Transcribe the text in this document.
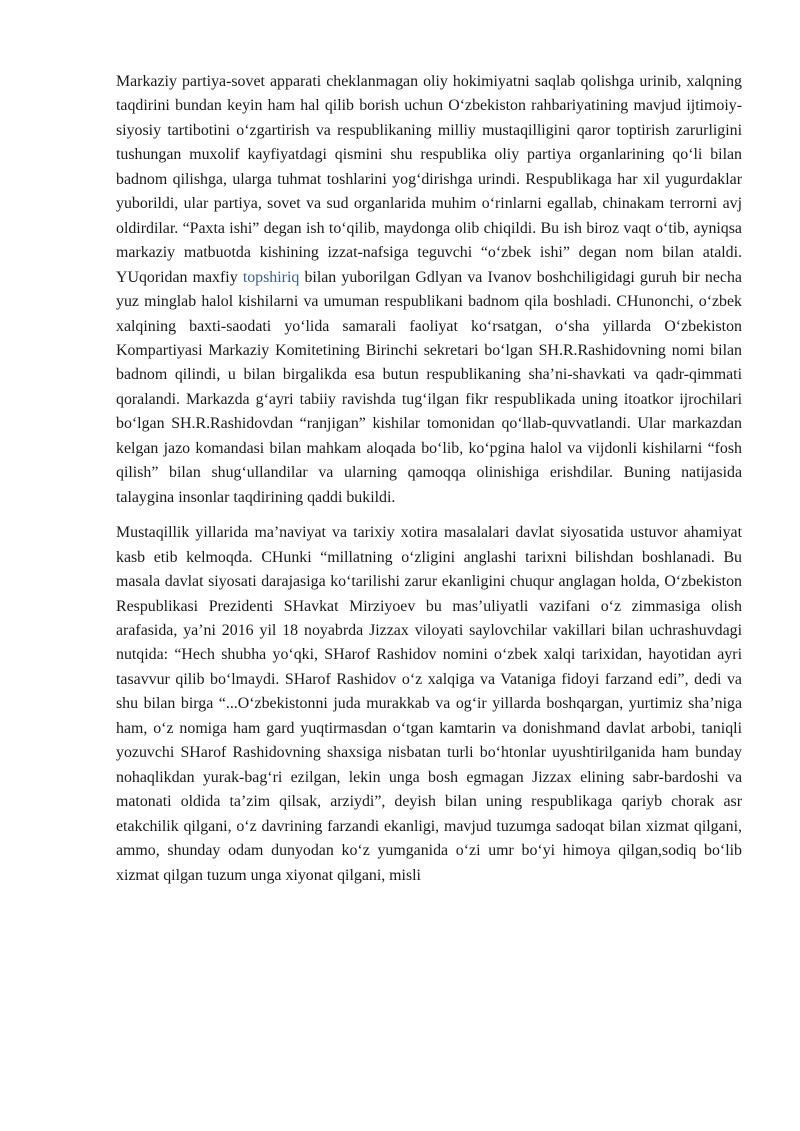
Markaziy partiya-sovet apparati cheklanmagan oliy hokimiyatni saqlab qolishga urinib, xalqning taqdirini bundan keyin ham hal qilib borish uchun O‘zbekiston rahbariyatining mavjud ijtimoiy-siyosiy tartibotini o‘zgartirish va respublikaning milliy mustaqilligini qaror toptirish zarurligini tushungan muxolif kayfiyatdagi qismini shu respublika oliy partiya organlarining qo‘li bilan badnom qilishga, ularga tuhmat toshlarini yog‘dirishga urindi. Respublikaga har xil yugurdaklar yuborildi, ular partiya, sovet va sud organlarida muhim o‘rinlarni egallab, chinakam terrorni avj oldirdilar. “Paxta ishi” degan ish to‘qilib, maydonga olib chiqildi. Bu ish biroz vaqt o‘tib, ayniqsa markaziy matbuotda kishining izzat-nafsiga teguvchi “o‘zbek ishi” degan nom bilan ataldi. YUqoridan maxfiy topshiriq bilan yuborilgan Gdlyan va Ivanov boshchiligidagi guruh bir necha yuz minglab halol kishilarni va umuman respublikani badnom qila boshladi. CHunonchi, o‘zbek xalqining baxti-saodati yo‘lida samarali faoliyat ko‘rsatgan, o‘sha yillarda O‘zbekiston Kompartiyasi Markaziy Komitetining Birinchi sekretari bo‘lgan SH.R.Rashidovning nomi bilan badnom qilindi, u bilan birgalikda esa butun respublikaning sha’ni-shavkati va qadr-qimmati qoralandi. Markazda g‘ayri tabiiy ravishda tug‘ilgan fikr respublikada uning itoatkor ijrochilari bo‘lgan SH.R.Rashidovdan “ranjigan” kishilar tomonidan qo‘llab-quvvatlandi. Ular markazdan kelgan jazo komandasi bilan mahkam aloqada bo‘lib, ko‘pgina halol va vijdonli kishilarni “fosh qilish” bilan shug‘ullandilar va ularning qamoqqa olinishiga erishdilar. Buning natijasida talaygina insonlar taqdirining qaddi bukildi.

Mustaqillik yillarida ma’naviyat va tarixiy xotira masalalari davlat siyosatida ustuvor ahamiyat kasb etib kelmoqda. CHunki “millatning o‘zligini anglashi tarixni bilishdan boshlanadi. Bu masala davlat siyosati darajasiga ko‘tarilishi zarur ekanligini chuqur anglagan holda, O‘zbekiston Respublikasi Prezidenti SHavkat Mirziyoev bu mas’uliyatli vazifani o‘z zimmasiga olish arafasida, ya’ni 2016 yil 18 noyabrda Jizzax viloyati saylovchilar vakillari bilan uchrashuvdagi nutqida: “Hech shubha yo‘qki, SHarof Rashidov nomini o‘zbek xalqi tarixidan, hayotidan ayri tasavvur qilib bo‘lmaydi. SHarof Rashidov o‘z xalqiga va Vataniga fidoyi farzand edi”, dedi va shu bilan birga “...O‘zbekistonni juda murakkab va og‘ir yillarda boshqargan, yurtimiz sha’niga ham, o‘z nomiga ham gard yuqtirmasdan o‘tgan kamtarin va donishmand davlat arbobi, taniqli yozuvchi SHarof Rashidovning shaxsiga nisbatan turli bo‘htonlar uyushtirilganida ham bunday nohaqlikdan yurak-bag‘ri ezilgan, lekin unga bosh egmagan Jizzax elining sabr-bardoshi va matonati oldida ta’zim qilsak, arziydi”, deyish bilan uning respublikaga qariyb chorak asr etakchilik qilgani, o‘z davrining farzandi ekanligi, mavjud tuzumga sadoqat bilan xizmat qilgani, ammo, shunday odam dunyodan ko‘z yumganida o‘zi umr bo‘yi himoya qilgan,sodiq bo‘lib xizmat qilgan tuzum unga xiyonat qilgani, misli
